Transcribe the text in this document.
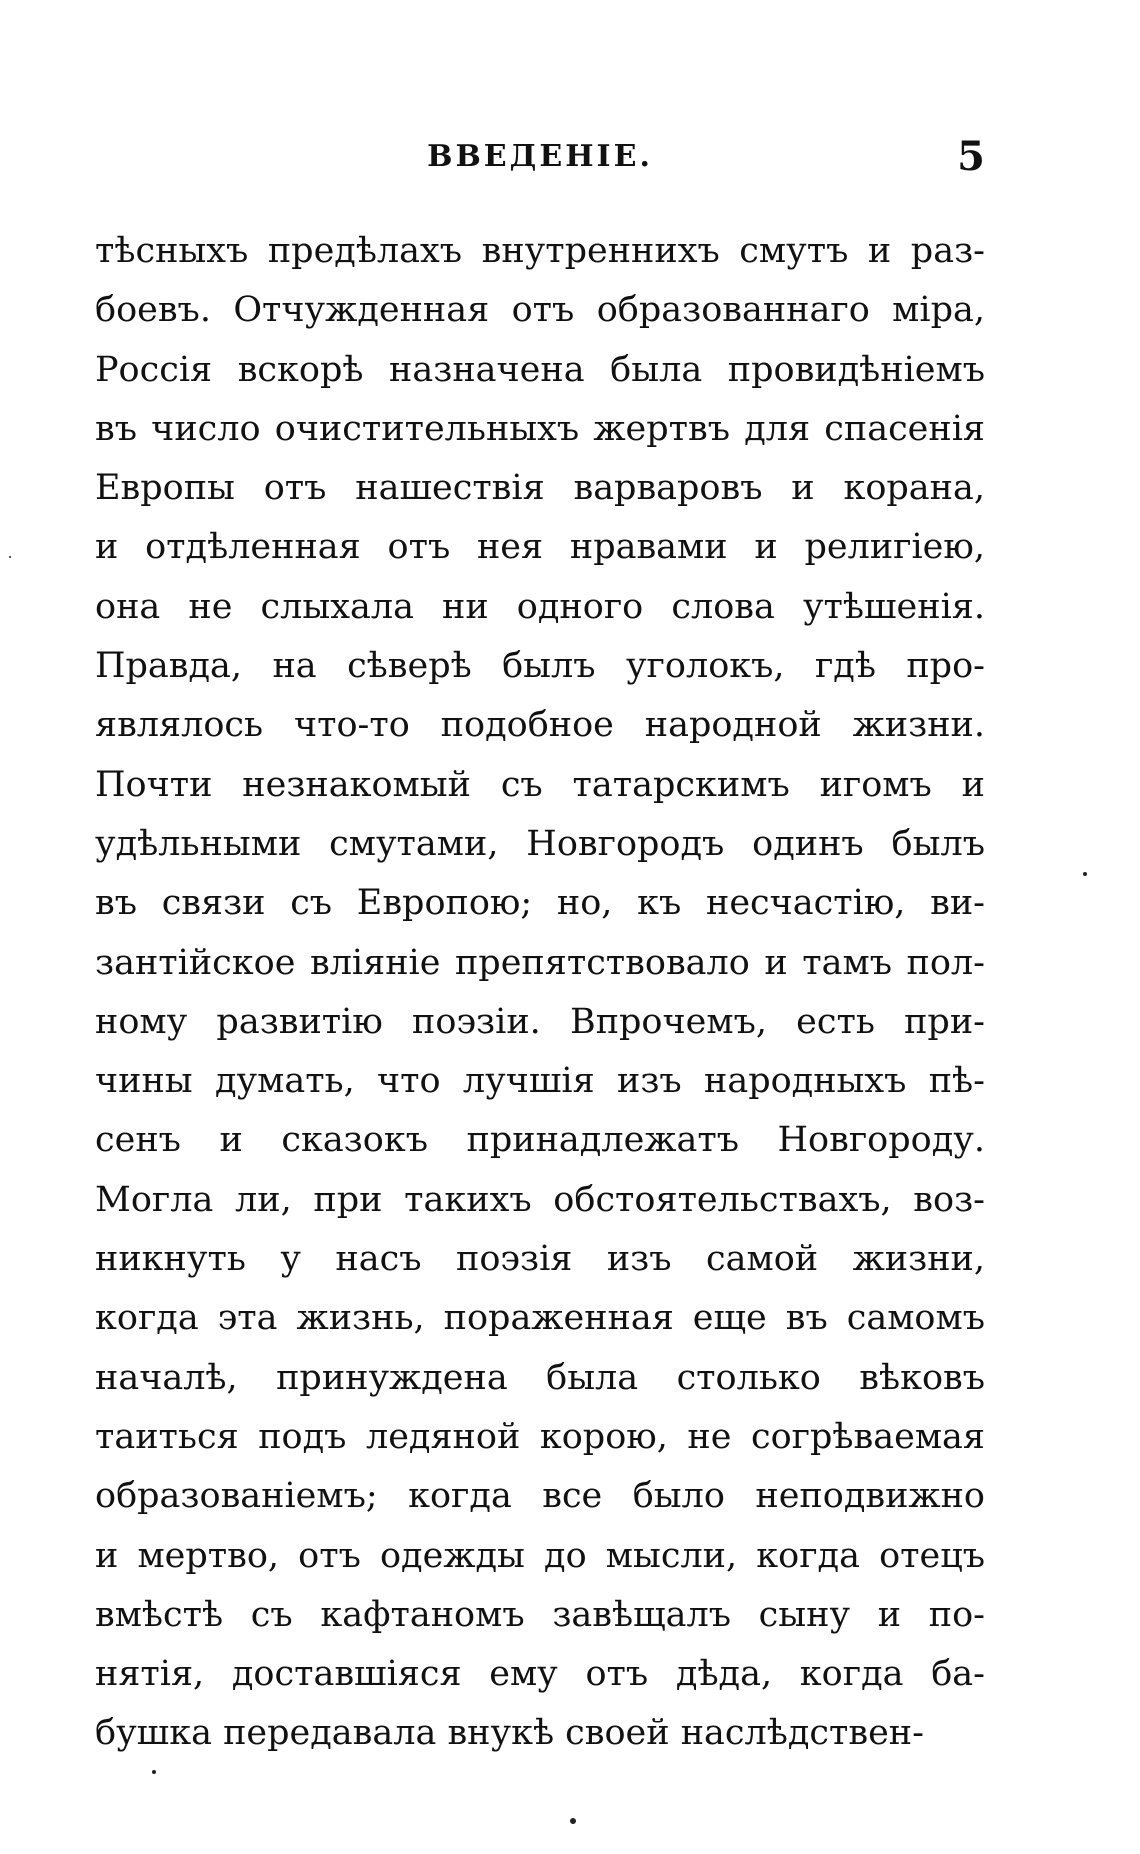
ВВЕДЕНІЕ.	5
тѣсныхъ предѣлахъ внутреннихъ смутъ и раз-
боевъ. Отчужденная отъ образованнаго міра,
Россія вскорѣ назначена была провидѣніемъ
въ число очистительныхъ жертвъ для спасенія
Европы отъ нашествія варваровъ и корана,
и отдѣленная отъ нея нравами и религіею,
она не слыхала ни одного слова утѣшенія.
Правда, на сѣверѣ былъ уголокъ, гдѣ про-
являлось что-то подобное народной жизни.
Почти незнакомый съ татарскимъ игомъ и
удѣльными смутами, Новгородъ одинъ былъ
въ связи съ Европою; но, къ несчастію, ви-
зантійское вліяніе препятствовало и тамъ пол-
ному развитію поэзіи. Впрочемъ, есть при-
чины думать, что лучшія изъ народныхъ пѣ-
сенъ и сказокъ принадлежатъ Новгороду.
Могла ли, при такихъ обстоятельствахъ, воз-
никнуть у насъ поэзія изъ самой жизни,
когда эта жизнь, пораженная еще въ самомъ
началѣ, принуждена была столько вѣковъ
таиться подъ ледяной корою, не согрѣваемая
образованіемъ; когда все было неподвижно
и мертво, отъ одежды до мысли, когда отецъ
вмѣстѣ съ кафтаномъ завѣщалъ сыну и по-
нятія, доставшіяся ему отъ дѣда, когда ба-
бушка передавала внукѣ своей наслѣдствен-
